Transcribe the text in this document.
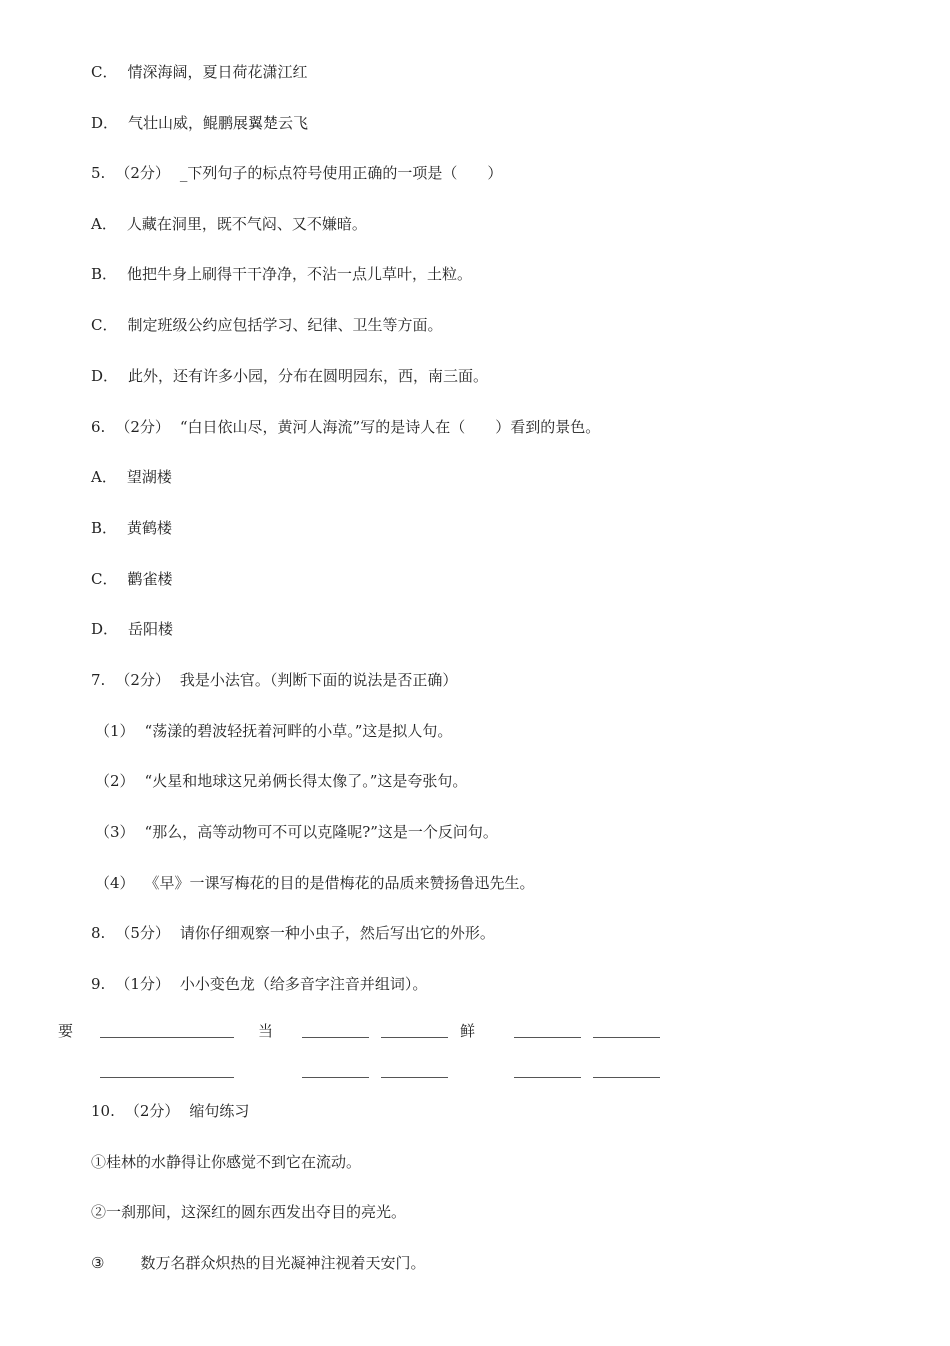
C． 情深海阔，夏日荷花潇江红
D． 气壮山威，鲲鹏展翼楚云飞
5. （2分） _下列句子的标点符号使用正确的一项是（　　）
A． 人藏在洞里，既不气闷、又不嫌暗。
B． 他把牛身上刷得干干净净，不沾一点儿草叶，土粒。
C． 制定班级公约应包括学习、纪律、卫生等方面。
D． 此外，还有许多小园，分布在圆明园东，西，南三面。
6. （2分） “白日依山尽，黄河人海流”写的是诗人在（　　）看到的景色。
A． 望湖楼
B． 黄鹤楼
C． 鹳雀楼
D． 岳阳楼
7. （2分） 我是小法官。（判断下面的说法是否正确）
（1） “荡漾的碧波轻抚着河畔的小草。”这是拟人句。
（2） “火星和地球这兄弟俩长得太像了。”这是夸张句。
（3） “那么，高等动物可不可以克隆呢?”这是一个反问句。
（4） 《早》一课写梅花的目的是借梅花的品质来赞扬鲁迅先生。
8. （5分） 请你仔细观察一种小虫子，然后写出它的外形。
9. （1分） 小小变色龙（给多音字注音并组词）。
要	当	鲜
10. （2分） 缩句练习
①桂林的水静得让你感觉不到它在流动。
②一刹那间，这深红的圆东西发出夺目的亮光。
③ 数万名群众炽热的目光凝神注视着天安门。
